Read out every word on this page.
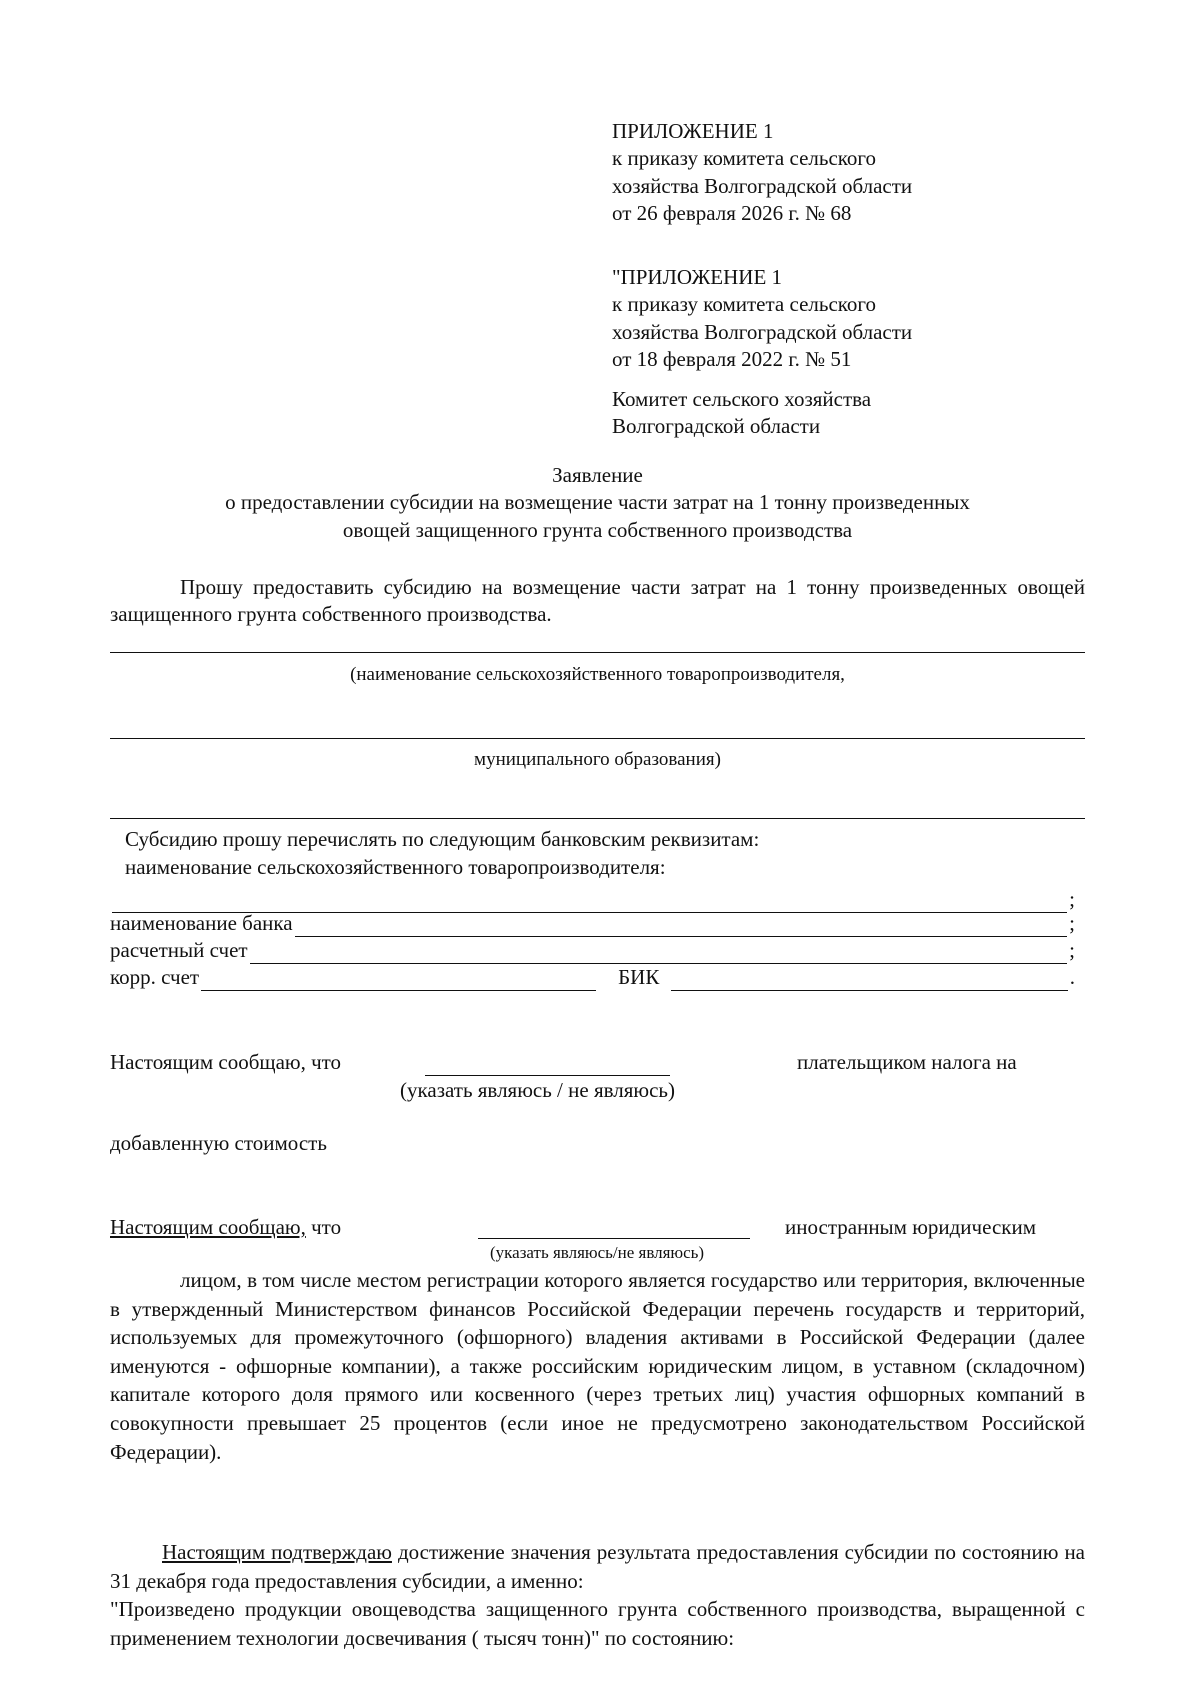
ПРИЛОЖЕНИЕ 1
к приказу комитета сельского
хозяйства Волгоградской области
от 26 февраля 2026 г. № 68
"ПРИЛОЖЕНИЕ 1
к приказу комитета сельского
хозяйства Волгоградской области
от 18 февраля 2022 г. № 51
Комитет сельского хозяйства
Волгоградской области
Заявление
о предоставлении субсидии на возмещение части затрат на 1 тонну произведенных
овощей защищенного грунта собственного производства

Прошу предоставить субсидию на возмещение части затрат на 1 тонну произведенных овощей защищенного грунта собственного производства.

(наименование сельскохозяйственного товаропроизводителя,
муниципального образования)
Субсидию прошу перечислять по следующим банковским реквизитам:
наименование сельскохозяйственного товаропроизводителя:
;
наименование банка	;
расчетный счет	;
корр. счет	БИК	.
Настоящим сообщаю, что	плательщиком налога на
(указать являюсь / не являюсь)
добавленную стоимость
Настоящим сообщаю, что	иностранным юридическим
(указать являюсь/не являюсь)

лицом, в том числе местом регистрации которого является государство или территория, включенные в утвержденный Министерством финансов Российской Федерации перечень государств и территорий, используемых для промежуточного (офшорного) владения активами в Российской Федерации (далее именуются - офшорные компании), а также российским юридическим лицом, в уставном (складочном) капитале которого доля прямого или косвенного (через третьих лиц) участия офшорных компаний в совокупности превышает 25 процентов (если иное не предусмотрено законодательством Российской Федерации).

Настоящим подтверждаю достижение значения результата предоставления субсидии по состоянию на 31 декабря года предоставления субсидии, а именно:

"Произведено продукции овощеводства защищенного грунта собственного производства, выращенной с применением технологии досвечивания ( тысяч тонн)" по состоянию:
